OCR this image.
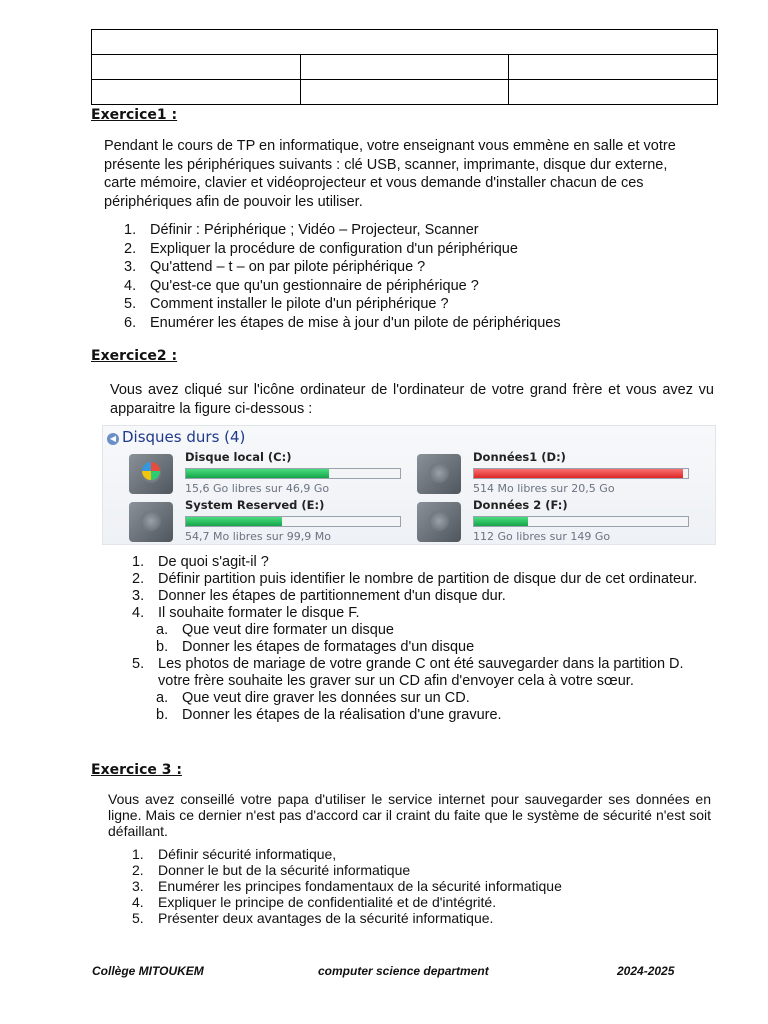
Exercice1 :

Pendant le cours de TP en informatique, votre enseignant vous emmène en salle et votre présente les périphériques suivants : clé USB, scanner, imprimante, disque dur externe, carte mémoire, clavier et vidéoprojecteur et vous demande d'installer chacun de ces périphériques afin de pouvoir les utiliser.

1. Définir : Périphérique ; Vidéo – Projecteur, Scanner
2. Expliquer la procédure de configuration d'un périphérique
3. Qu'attend – t – on par pilote périphérique ?
4. Qu'est-ce que qu'un gestionnaire de périphérique ?
5. Comment installer le pilote d'un périphérique ?
6. Enumérer les étapes de mise à jour d'un pilote de périphériques
Exercice2 :

Vous avez cliqué sur l'icône ordinateur de l'ordinateur de votre grand frère et vous avez vu apparaitre la figure ci-dessous :

◀ Disques durs (4)
Disque local (C:)
15,6 Go libres sur 46,9 Go
Données1 (D:)
514 Mo libres sur 20,5 Go
System Reserved (E:)
54,7 Mo libres sur 99,9 Mo
Données 2 (F:)
112 Go libres sur 149 Go
1. De quoi s'agit-il ?
2. Définir partition puis identifier le nombre de partition de disque dur de cet ordinateur.
3. Donner les étapes de partitionnement d'un disque dur.
4. Il souhaite formater le disque F.
a. Que veut dire formater un disque
b. Donner les étapes de formatages d'un disque
5. Les photos de mariage de votre grande C ont été sauvegarder dans la partition D. votre frère souhaite les graver sur un CD afin d'envoyer cela à votre sœur.
a. Que veut dire graver les données sur un CD.
b. Donner les étapes de la réalisation d'une gravure.
Exercice 3 :

Vous avez conseillé votre papa d'utiliser le service internet pour sauvegarder ses données en ligne. Mais ce dernier n'est pas d'accord car il craint du faite que le système de sécurité n'est soit défaillant.

1. Définir sécurité informatique,
2. Donner le but de la sécurité informatique
3. Enumérer les principes fondamentaux de la sécurité informatique
4. Expliquer le principe de confidentialité et de d'intégrité.
5. Présenter deux avantages de la sécurité informatique.
Collège MITOUKEM	computer science department	2024-2025
